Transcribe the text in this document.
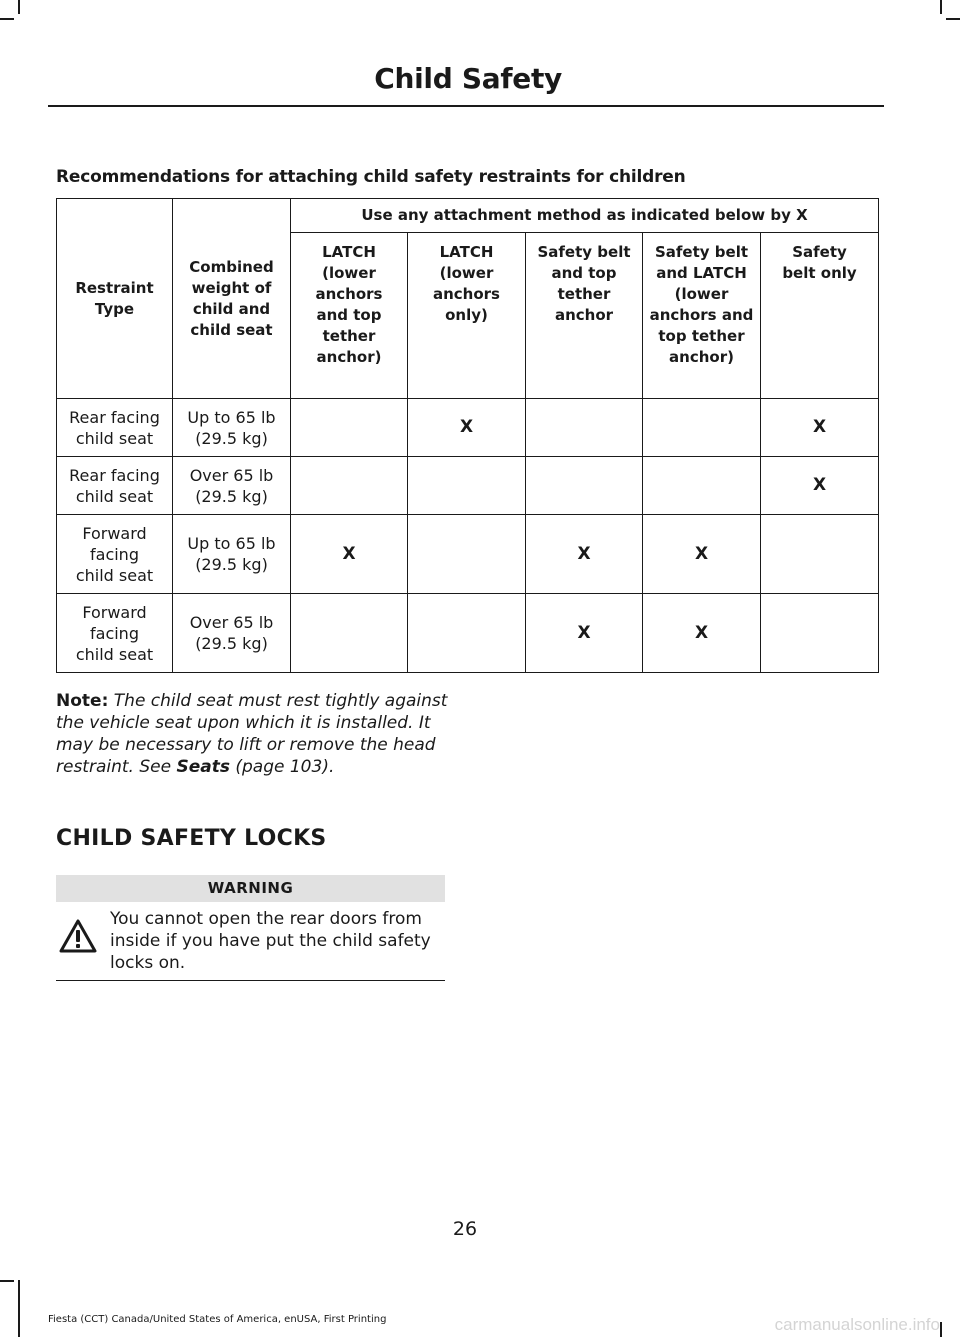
Child Safety
Recommendations for attaching child safety restraints for children
Restraint Type	Combined weight of child and child seat	Use any attachment method as indicated below by X				
		LATCH (lower anchors and top tether anchor)	LATCH (lower anchors only)	Safety belt and top tether anchor	Safety belt and LATCH (lower anchors and top tether anchor)	Safety belt only
Rear facing child seat	Up to 65 lb (29.5 kg)		X			X
Rear facing child seat	Over 65 lb (29.5 kg)					X
Forward facing child seat	Up to 65 lb (29.5 kg)	X		X	X	
Forward facing child seat	Over 65 lb (29.5 kg)			X	X	
Note: The child seat must rest tightly against the vehicle seat upon which it is installed. It may be necessary to lift or remove the head restraint. See Seats (page 103).
CHILD SAFETY LOCKS
WARNING
You cannot open the rear doors from inside if you have put the child safety locks on.
26
Fiesta (CCT) Canada/United States of America, enUSA, First Printing	carmanualsonline.info
